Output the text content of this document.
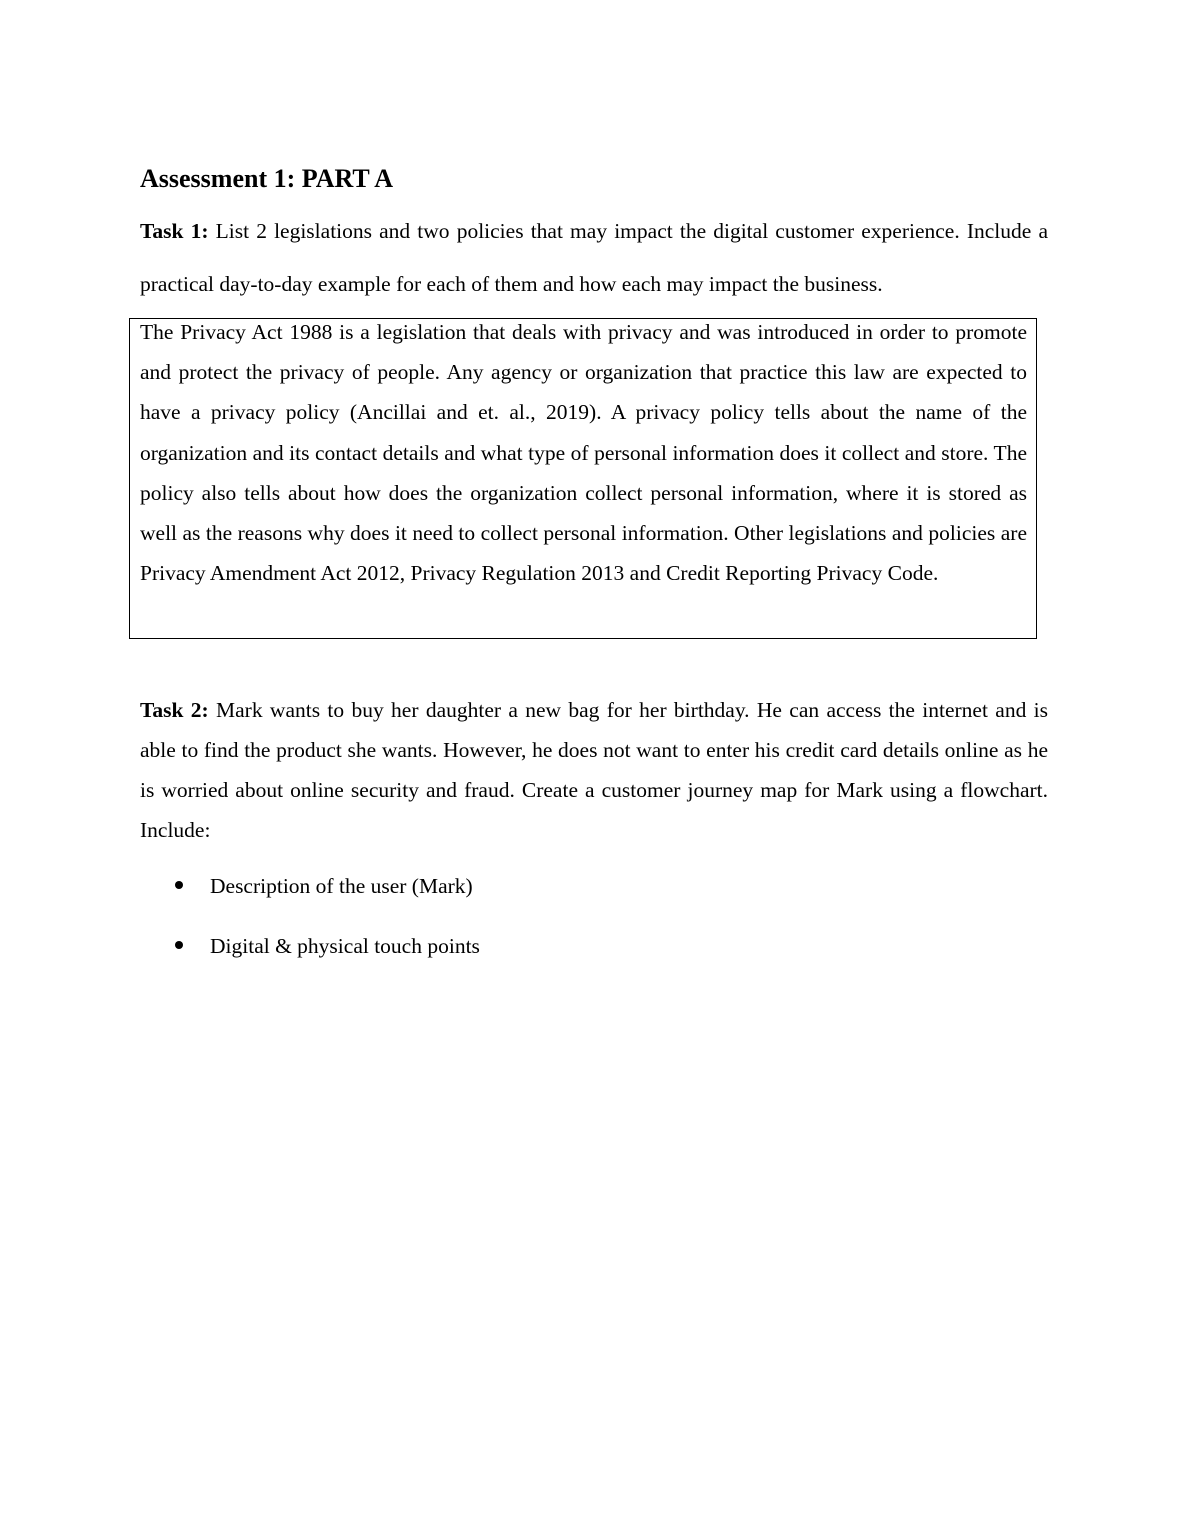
Assessment 1: PART A

Task 1: List 2 legislations and two policies that may impact the digital customer experience. Include a practical day-to-day example for each of them and how each may impact the business.

The Privacy Act 1988 is a legislation that deals with privacy and was introduced in order to promote and protect the privacy of people. Any agency or organization that practice this law are expected to have a privacy policy (Ancillai and et. al., 2019). A privacy policy tells about the name of the organization and its contact details and what type of personal information does it collect and store. The policy also tells about how does the organization collect personal information, where it is stored as well as the reasons why does it need to collect personal information. Other legislations and policies are Privacy Amendment Act 2012, Privacy Regulation 2013 and Credit Reporting Privacy Code.

Task 2: Mark wants to buy her daughter a new bag for her birthday. He can access the internet and is able to find the product she wants. However, he does not want to enter his credit card details online as he is worried about online security and fraud. Create a customer journey map for Mark using a flowchart. Include:

Description of the user (Mark)
Digital & physical touch points
